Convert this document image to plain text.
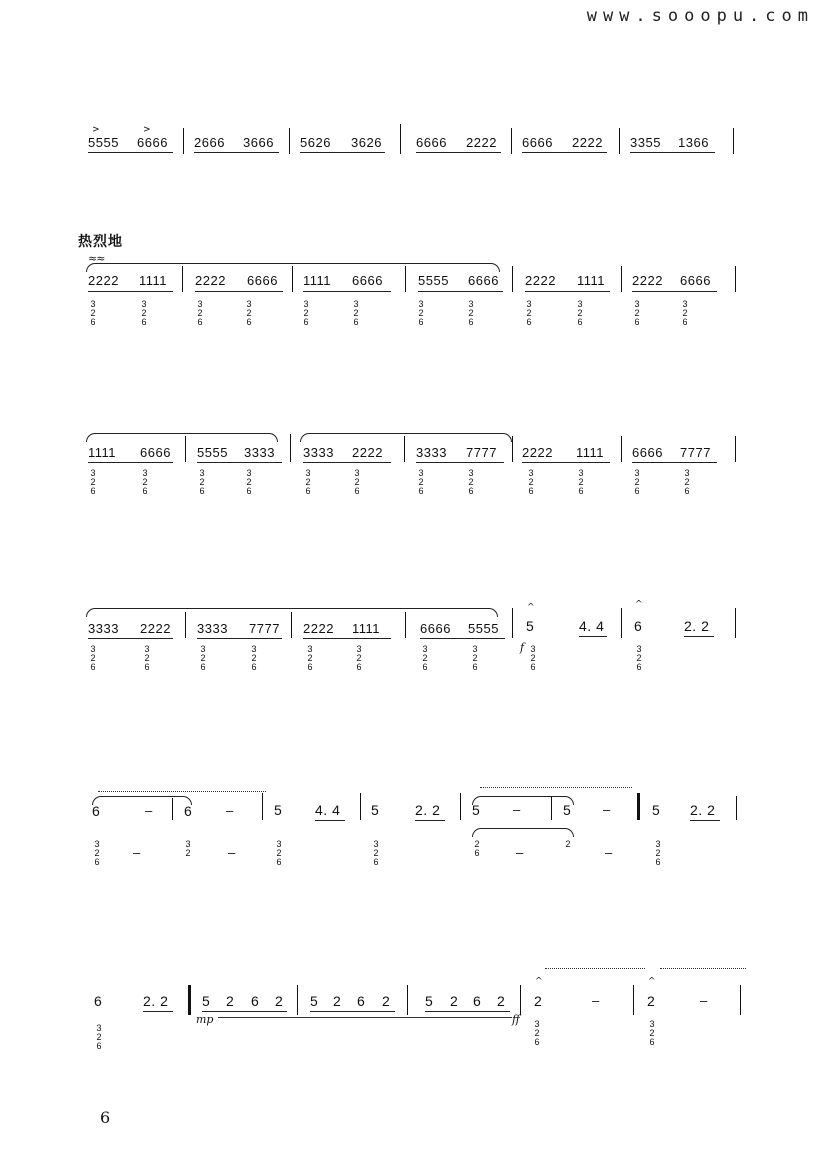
www.sooopu.com
>	>
5555 6666 2666 3666 5626 3626	6666 2222 6666 2222 3355 1366
热烈地
≈≈
2222 1111 2222 6666 1111 6666	5555 6666 2222 1111 2222 6666
3
2
6
3
2
6
3
2
6
3
2
6
3
2
6
3
2
6
3
2
6
3
2
6
3
2
6
3
2
6
3
2
6
3
2
6
1111 6666 5555 3333 3333 2222	3333 7777 2222 1111 6666 7777
3
2
6
3
2
6
3
2
6
3
2
6
3
2
6
3
2
6
3
2
6
3
2
6
3
2
6
3
2
6
3
2
6
3
2
6
3333 2222 3333 7777 2222 1111	6666 5555
^
5	4. 4
^
6	2. 2
f
3
2
6
3
2
6
3
2
6
3
2
6
3
2
6
3
2
6
3
2
6
3
2
6
3
2
6
3
2
6
6	– 6	–	5 4. 4 5	2. 2 5	–	5 –	5 2. 2
3
2
6
3
2
3
2
6
3
2
6
2
6
2	3
2
6
–	–	–	–
6	2. 2 5 2 6 2 5 2 6 2 5 2 6 2
^
2	–
^
2	–
mp	ff
3
2
6
3
2
6
3
2
6
6
